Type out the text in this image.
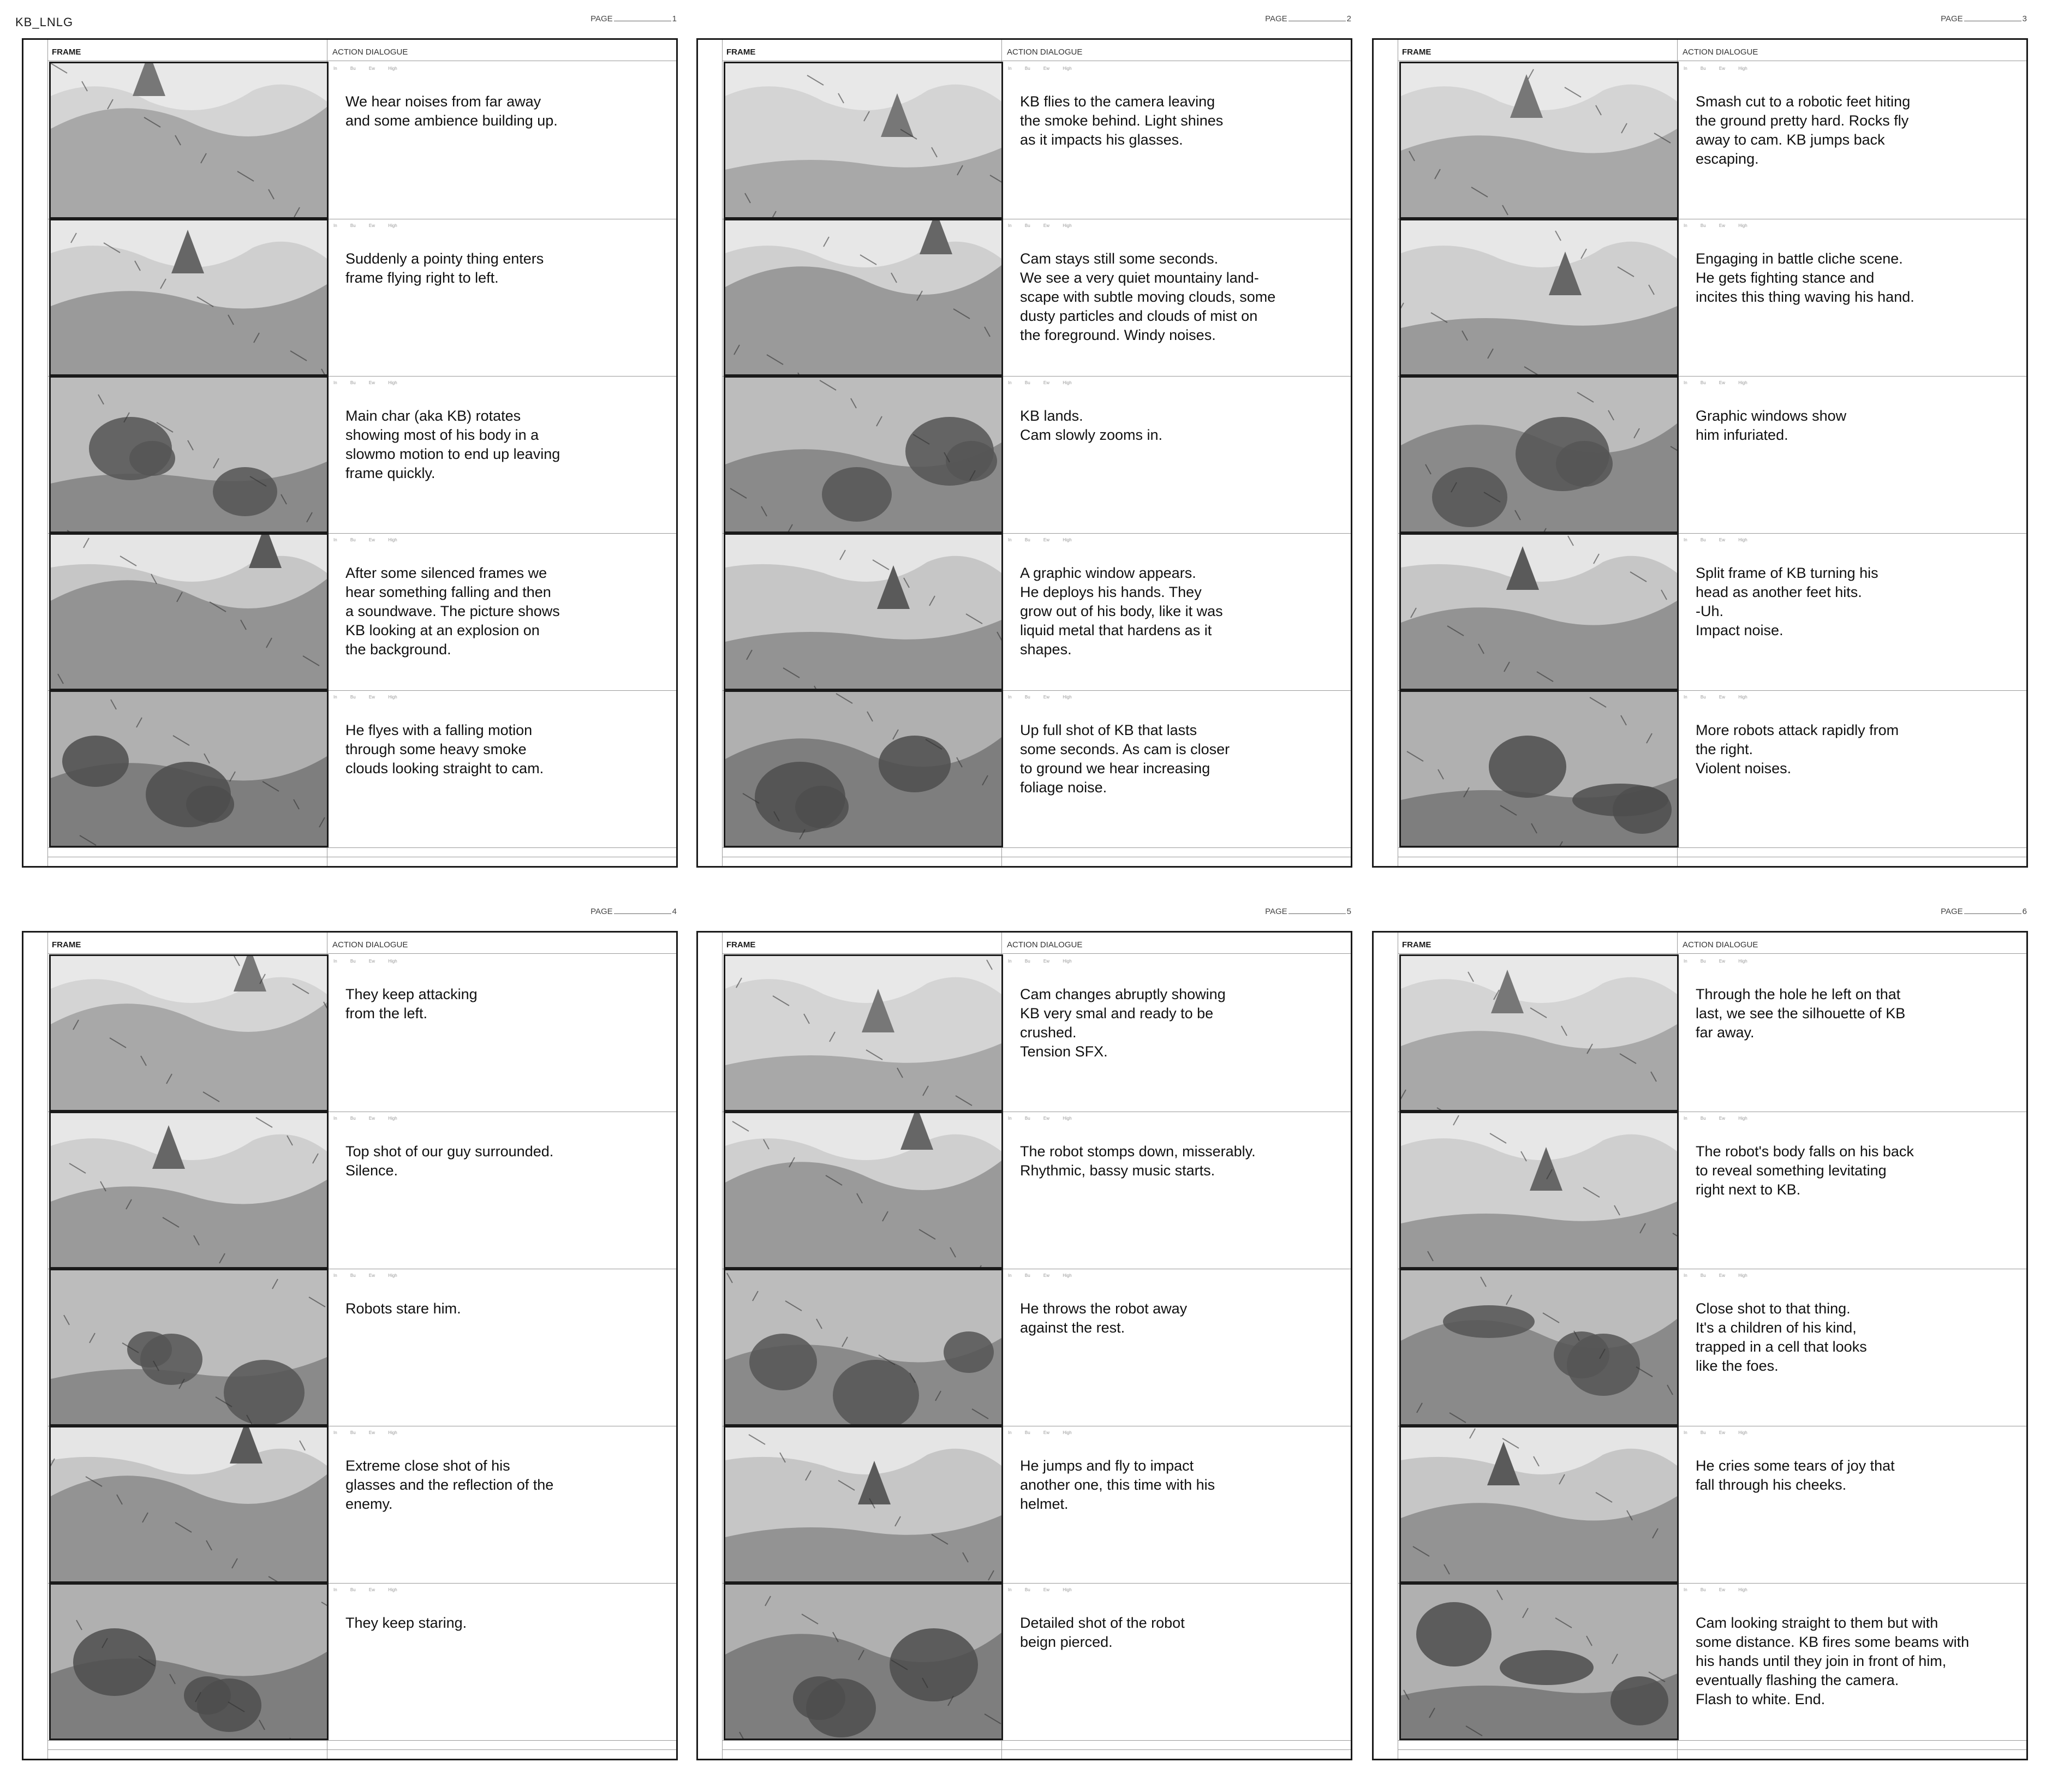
KB_LNLG	PAGE	1
FRAME	ACTION DIALOGUE
In Bu Ew High
We hear noises from far away
and some ambience building up.
In Bu Ew High
Suddenly a pointy thing enters
frame flying right to left.
In Bu Ew High
Main char (aka KB) rotates
showing most of his body in a
slowmo motion to end up leaving
frame quickly.
In Bu Ew High
After some silenced frames we
hear something falling and then
a soundwave. The picture shows
KB looking at an explosion on
the background.
In Bu Ew High
He flyes with a falling motion
through some heavy smoke
clouds looking straight to cam.
PAGE	2
FRAME	ACTION DIALOGUE
In Bu Ew High
KB flies to the camera leaving
the smoke behind. Light shines
as it impacts his glasses.
In Bu Ew High
Cam stays still some seconds.
We see a very quiet mountainy land-
scape with subtle moving clouds, some
dusty particles and clouds of mist on
the foreground. Windy noises.
In Bu Ew High
KB lands.
Cam slowly zooms in.
In Bu Ew High
A graphic window appears.
He deploys his hands. They
grow out of his body, like it was
liquid metal that hardens as it
shapes.
In Bu Ew High
Up full shot of KB that lasts
some seconds. As cam is closer
to ground we hear increasing
foliage noise.
PAGE	3
FRAME	ACTION DIALOGUE
In Bu Ew High
Smash cut to a robotic feet hiting
the ground pretty hard. Rocks fly
away to cam. KB jumps back
escaping.
In Bu Ew High
Engaging in battle cliche scene.
He gets fighting stance and
incites this thing waving his hand.
In Bu Ew High
Graphic windows show
him infuriated.
In Bu Ew High
Split frame of KB turning his
head as another feet hits.
-Uh.
Impact noise.
In Bu Ew High
More robots attack rapidly from
the right.
Violent noises.
PAGE	4
FRAME	ACTION DIALOGUE
In Bu Ew High
They keep attacking
from the left.
In Bu Ew High
Top shot of our guy surrounded.
Silence.
In Bu Ew High
Robots stare him.
In Bu Ew High
Extreme close shot of his
glasses and the reflection of the
enemy.
In Bu Ew High
They keep staring.
PAGE	5
FRAME	ACTION DIALOGUE
In Bu Ew High
Cam changes abruptly showing
KB very smal and ready to be
crushed.
Tension SFX.
In Bu Ew High
The robot stomps down, misserably.
Rhythmic, bassy music starts.
In Bu Ew High
He throws the robot away
against the rest.
In Bu Ew High
He jumps and fly to impact
another one, this time with his
helmet.
In Bu Ew High
Detailed shot of the robot
beign pierced.
PAGE	6
FRAME	ACTION DIALOGUE
In Bu Ew High
Through the hole he left on that
last, we see the silhouette of KB
far away.
In Bu Ew High
The robot's body falls on his back
to reveal something levitating
right next to KB.
In Bu Ew High
Close shot to that thing.
It's a children of his kind,
trapped in a cell that looks
like the foes.
In Bu Ew High
He cries some tears of joy that
fall through his cheeks.
In Bu Ew High
Cam looking straight to them but with
some distance. KB fires some beams with
his hands until they join in front of him,
eventually flashing the camera.
Flash to white. End.
